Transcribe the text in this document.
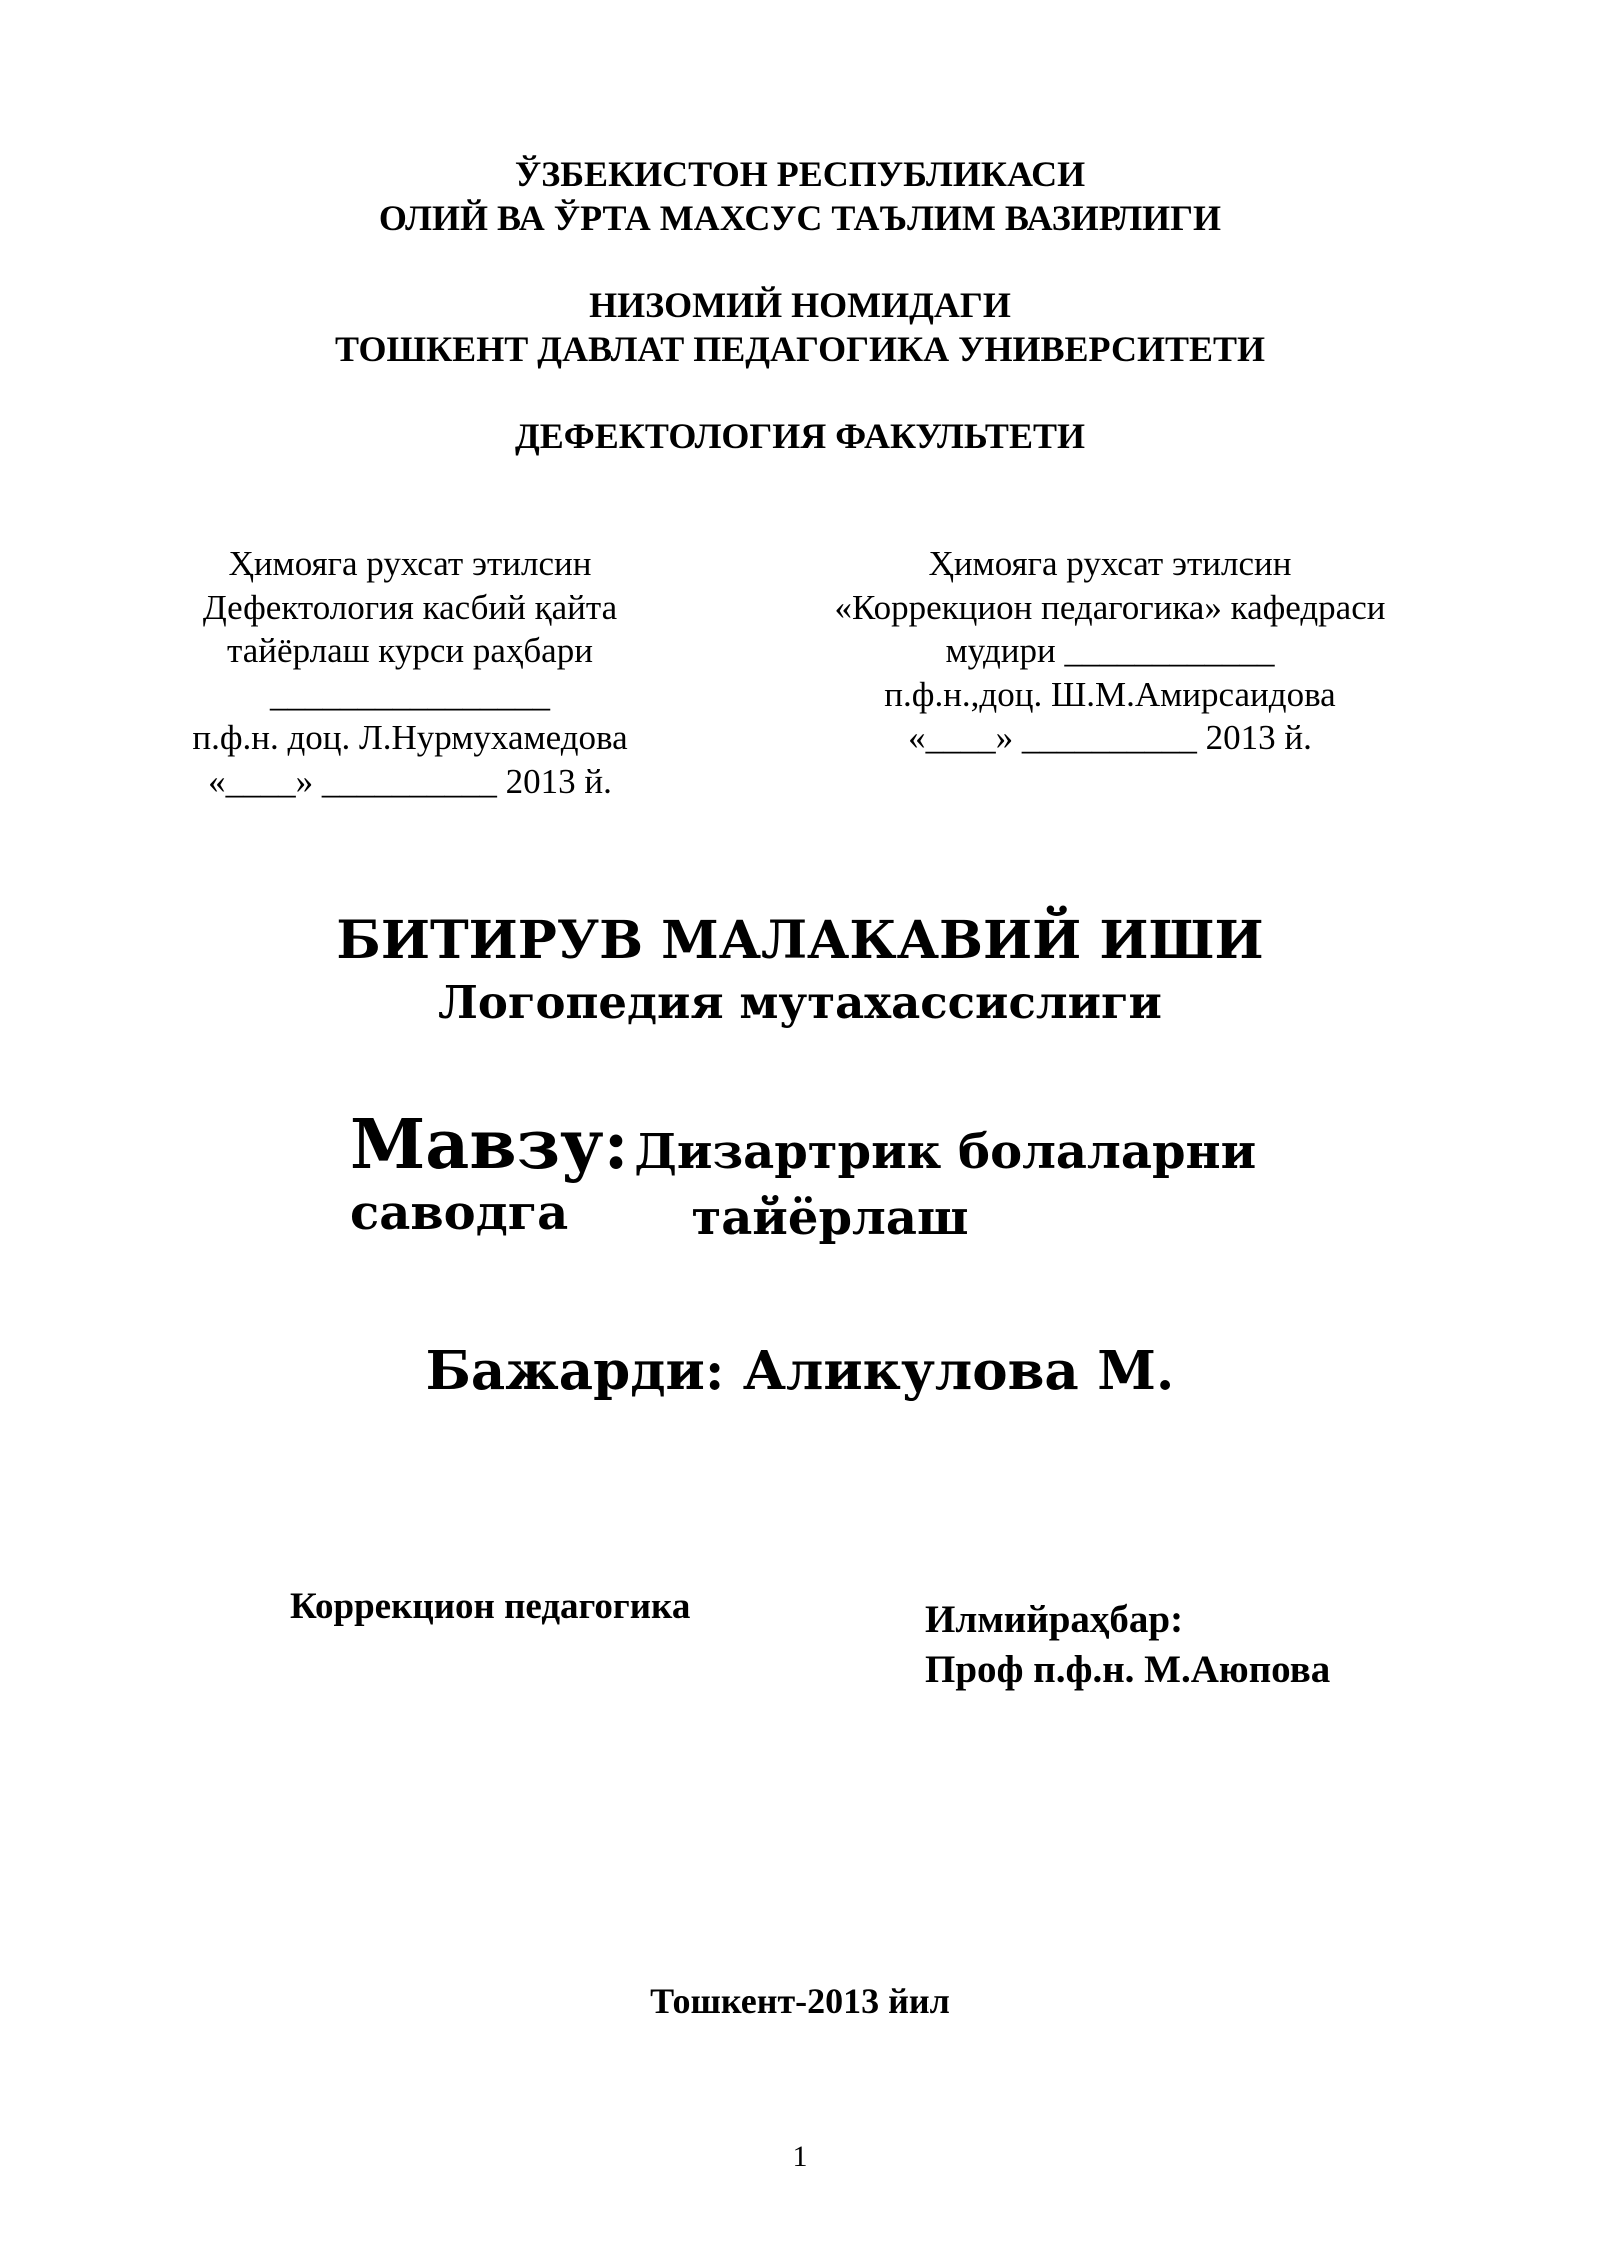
ЎЗБЕКИСТОН РЕСПУБЛИКАСИ
ОЛИЙ ВА ЎРТА МАХСУС ТАЪЛИМ ВАЗИРЛИГИ
НИЗОМИЙ НОМИДАГИ
ТОШКЕНТ ДАВЛАТ ПЕДАГОГИКА УНИВЕРСИТЕТИ
ДЕФЕКТОЛОГИЯ ФАКУЛЬТЕТИ
Ҳимояга рухсат этилсин
Дефектология касбий қайта
тайёрлаш курси раҳбари
________________
п.ф.н. доц. Л.Нурмухамедова
«____» __________ 2013 й.
Ҳимояга рухсат этилсин
«Коррекцион педагогика» кафедраси
мудири ____________
п.ф.н.,доц. Ш.М.Амирсаидова
«____» __________ 2013 й.
БИТИРУВ МАЛАКАВИЙ ИШИ
Логопедия мутахассислиги
Мавзу: Дизартрик болаларни саводга	тайёрлаш
Бажарди: Аликулова М.
Коррекцион педагогика	Илмийраҳбар:
Проф п.ф.н. М.Аюпова
Тошкент-2013 йил
1
